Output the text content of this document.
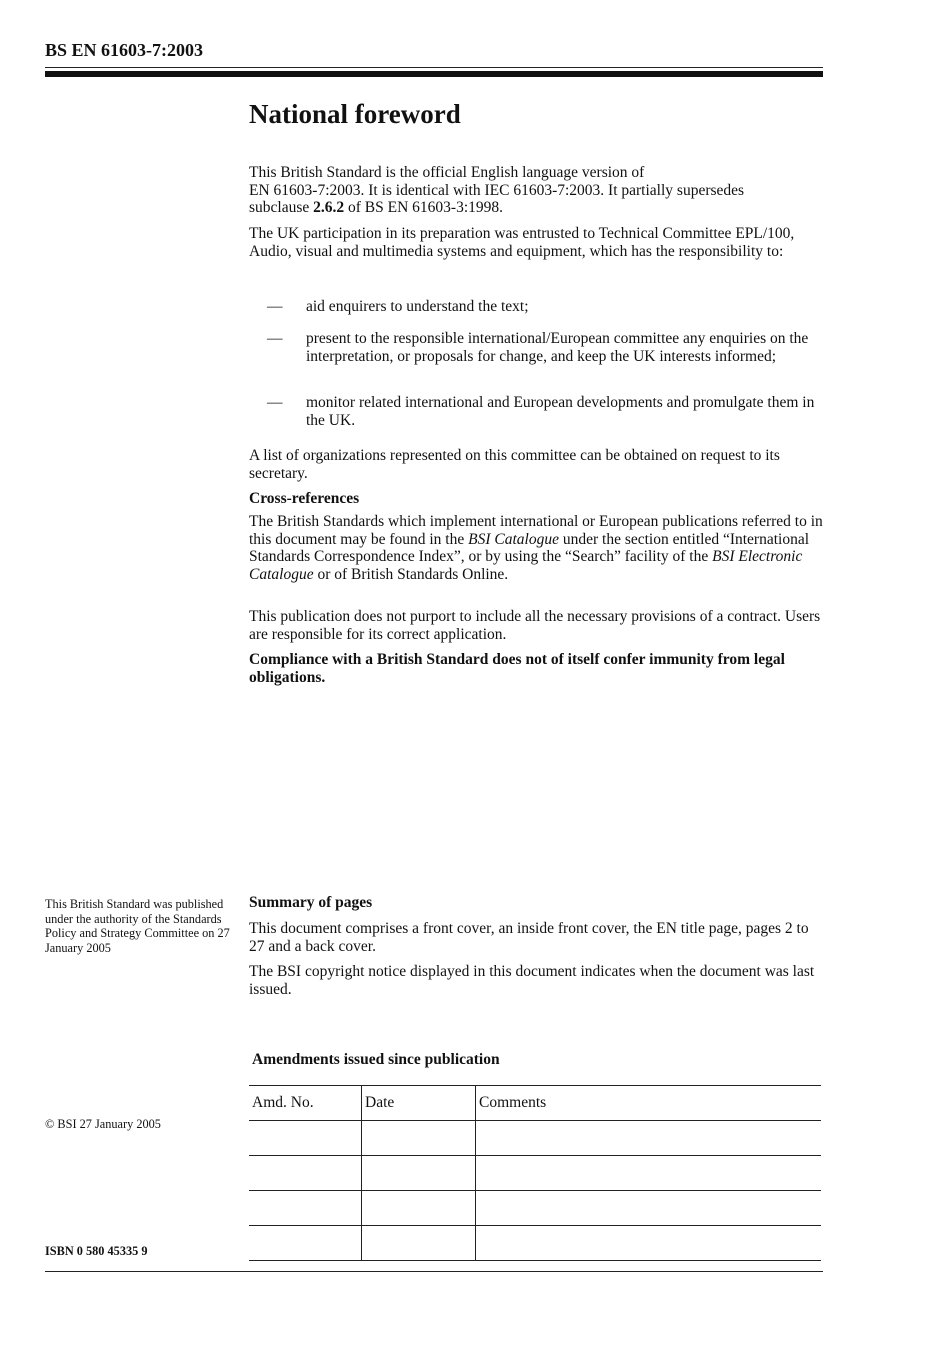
BS EN 61603-7:2003
National foreword

This British Standard is the official English language version of

EN 61603-7:2003. It is identical with IEC 61603-7:2003. It partially supersedes

subclause 2.6.2 of BS EN 61603-3:1998.

The UK participation in its preparation was entrusted to Technical Committee EPL/100, Audio, visual and multimedia systems and equipment, which has the responsibility to:
— aid enquirers to understand the text;
— present to the responsible international/European committee any enquiries on the interpretation, or proposals for change, and keep the UK interests informed;
— monitor related international and European developments and promulgate them in the UK.
A list of organizations represented on this committee can be obtained on request to its secretary.
Cross-references
The British Standards which implement international or European publications referred to in this document may be found in the BSI Catalogue under the section entitled “International Standards Correspondence Index”, or by using the “Search” facility of the BSI Electronic Catalogue or of British Standards Online.
This publication does not purport to include all the necessary provisions of a contract. Users are responsible for its correct application.
Compliance with a British Standard does not of itself confer immunity from legal obligations.
This British Standard was published under the authority of the Standards Policy and Strategy Committee on 27 January 2005
Summary of pages
This document comprises a front cover, an inside front cover, the EN title page, pages 2 to 27 and a back cover.
The BSI copyright notice displayed in this document indicates when the document was last issued.
Amendments issued since publication
Amd. No.	Date	Comments

© BSI 27 January 2005
ISBN 0 580 45335 9
